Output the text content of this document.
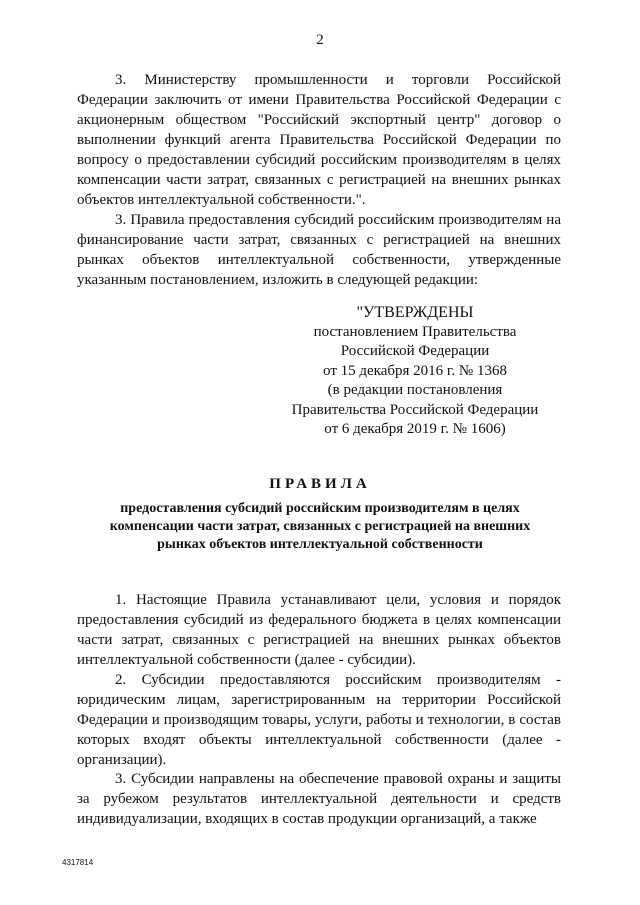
2

3. Министерству промышленности и торговли Российской Федерации заключить от имени Правительства Российской Федерации с акционерным обществом "Российский экспортный центр" договор о выполнении функций агента Правительства Российской Федерации по вопросу о предоставлении субсидий российским производителям в целях компенсации части затрат, связанных с регистрацией на внешних рынках объектов интеллектуальной собственности.".

3. Правила предоставления субсидий российским производителям на финансирование части затрат, связанных с регистрацией на внешних рынках объектов интеллектуальной собственности, утвержденные указанным постановлением, изложить в следующей редакции:

"УТВЕРЖДЕНЫ
постановлением Правительства
Российской Федерации
от 15 декабря 2016 г. № 1368
(в редакции постановления
Правительства Российской Федерации
от 6 декабря 2019 г. № 1606)
ПРАВИЛА
предоставления субсидий российским производителям в целях
компенсации части затрат, связанных с регистрацией на внешних
рынках объектов интеллектуальной собственности

1. Настоящие Правила устанавливают цели, условия и порядок предоставления субсидий из федерального бюджета в целях компенсации части затрат, связанных с регистрацией на внешних рынках объектов интеллектуальной собственности (далее - субсидии).

2. Субсидии предоставляются российским производителям - юридическим лицам, зарегистрированным на территории Российской Федерации и производящим товары, услуги, работы и технологии, в состав которых входят объекты интеллектуальной собственности (далее - организации).

3. Субсидии направлены на обеспечение правовой охраны и защиты за рубежом результатов интеллектуальной деятельности и средств индивидуализации, входящих в состав продукции организаций, а также

4317814
